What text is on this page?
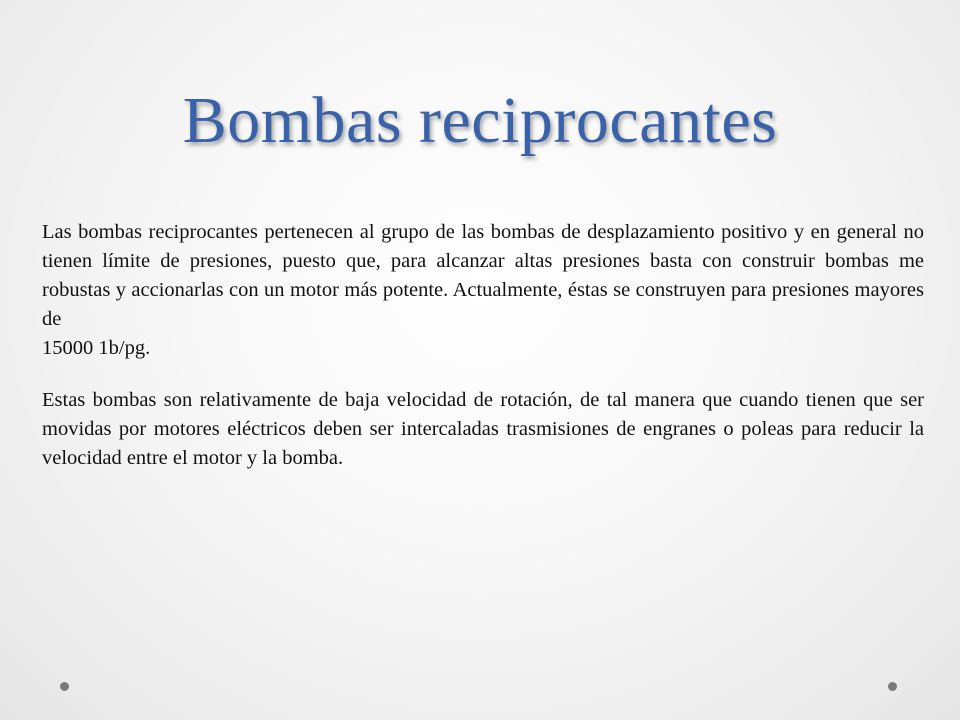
Bombas reciprocantes

Las bombas reciprocantes pertenecen al grupo de las bombas de desplazamiento positivo y en general no tienen límite de presiones, puesto que, para alcanzar altas presiones basta con construir bombas me robustas y accionarlas con un motor más potente. Actualmente, éstas se construyen para presiones mayores de

15000 1b/pg.

Estas bombas son relativamente de baja velocidad de rotación, de tal manera que cuando tienen que ser movidas por motores eléctricos deben ser intercaladas trasmisiones de engranes o poleas para reducir la velocidad entre el motor y la bomba.
